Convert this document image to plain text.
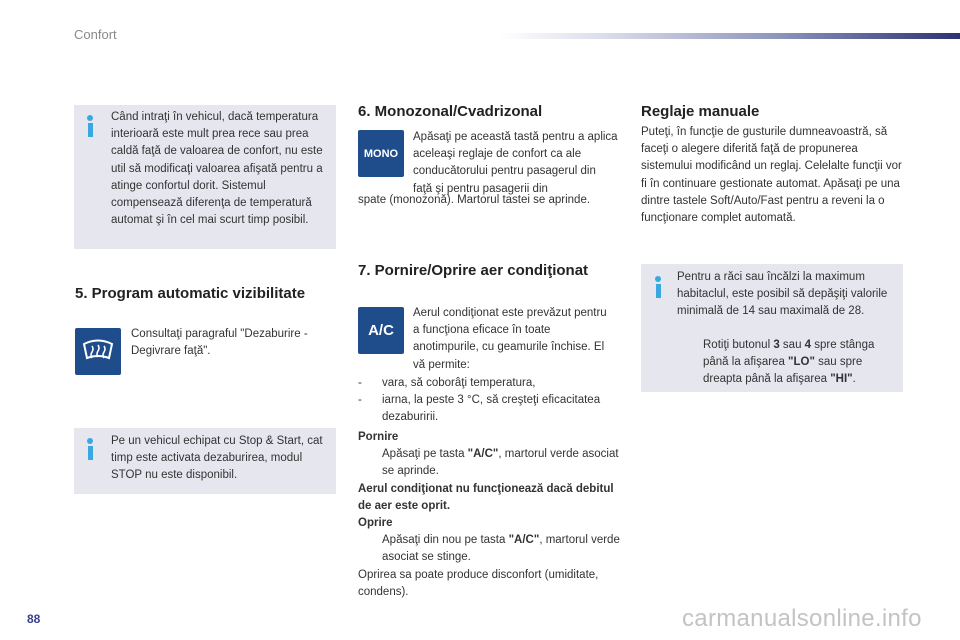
Confort
Când intraţi în vehicul, dacă temperatura interioară este mult prea rece sau prea caldă faţă de valoarea de confort, nu este util să modificaţi valoarea afişată pentru a atinge confortul dorit. Sistemul compensează diferenţa de temperatură automat şi în cel mai scurt timp posibil.
5. Program automatic vizibilitate
Consultaţi paragraful "Dezaburire - Degivrare faţă".
Pe un vehicul echipat cu Stop & Start, cat timp este activata dezaburirea, modul STOP nu este disponibil.
6. Monozonal/Cvadrizonal
MONO
Apăsaţi pe această tastă pentru a aplica aceleaşi reglaje de confort ca ale conducătorului pentru pasagerul din faţă şi pentru pasagerii din
spate (monozonă). Martorul tastei se aprinde.
7. Pornire/Oprire aer condiţionat
A/C
Aerul condiţionat este prevăzut pentru a funcţiona eficace în toate anotimpurile, cu geamurile închise. El vă permite:
-	vara, să coborâţi temperatura,
-	iarna, la peste 3 °C, să creşteţi eficacitatea dezaburirii.
Pornire
Apăsaţi pe tasta "A/C", martorul verde asociat se aprinde.
Aerul condiţionat nu funcţionează dacă debitul de aer este oprit.
Oprire
Apăsaţi din nou pe tasta "A/C", martorul verde asociat se stinge.
Oprirea sa poate produce disconfort (umiditate, condens).
Reglaje manuale
Puteţi, în funcţie de gusturile dumneavoastră, să faceţi o alegere diferită faţă de propunerea sistemului modificând un reglaj. Celelalte funcţii vor fi în continuare gestionate automat. Apăsaţi pe una dintre tastele Soft/Auto/Fast pentru a reveni la o funcţionare complet automată.
Pentru a răci sau încălzi la maximum habitaclul, este posibil să depăşiţi valorile minimală de 14 sau maximală de 28.
Rotiţi butonul 3 sau 4 spre stânga până la afişarea "LO" sau spre dreapta până la afişarea "HI".
88	carmanualsonline.info
